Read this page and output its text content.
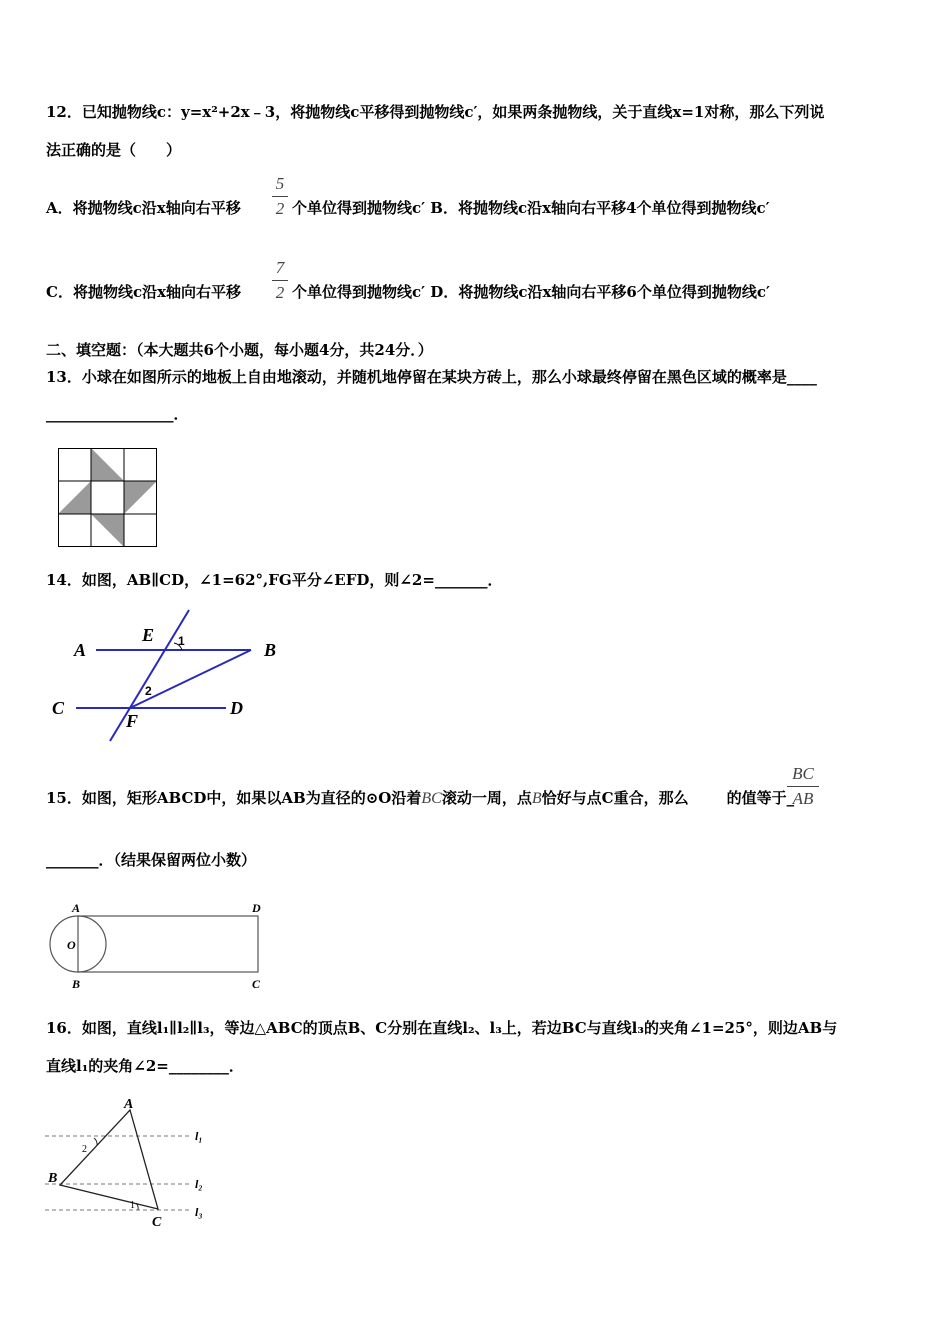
12．已知抛物线c：y=x²+2x﹣3，将抛物线c平移得到抛物线c′，如果两条抛物线，关于直线x=1对称，那么下列说
法正确的是（　　）
A．将抛物线c沿x轴向右平移
5
2 个单位得到抛物线c′ B．将抛物线c沿x轴向右平移4个单位得到抛物线c′
C．将抛物线c沿x轴向右平移
7
2 个单位得到抛物线c′ D．将抛物线c沿x轴向右平移6个单位得到抛物线c′
二、填空题：（本大题共6个小题，每小题4分，共24分．）
13．小球在如图所示的地板上自由地滚动，并随机地停留在某块方砖上，那么小球最终停留在黑色区域的概率是____
_________________．
14．如图，AB∥CD，∠1=62°,FG平分∠EFD，则∠2=_______．
A	B
C	D
E
F
1
2
15．如图，矩形ABCD中，如果以AB为直径的⊙O沿着BC滚动一周，点B恰好与点C重合，那么	的值等于_
BC
AB
_______．（结果保留两位小数）
A
B
D
C
O
16．如图，直线l₁∥l₂∥l₃，等边△ABC的顶点B、C分别在直线l₂、l₃上，若边BC与直线l₃的夹角∠1=25°，则边AB与
直线l₁的夹角∠2=________．
A
B
C
2
1
l₁
l₂
l₃
